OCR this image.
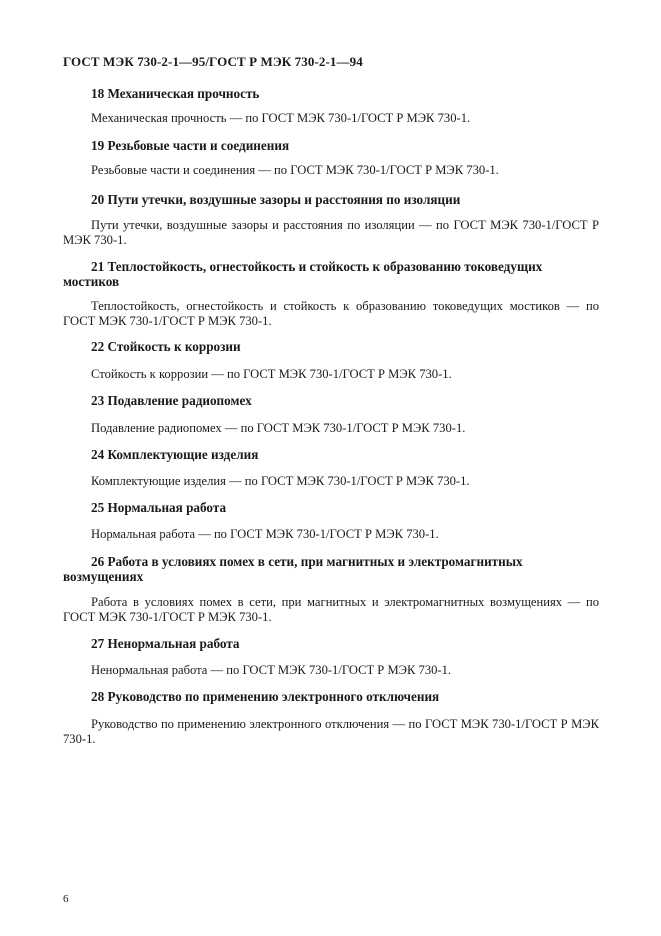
ГОСТ МЭК 730-2-1—95/ГОСТ Р МЭК 730-2-1—94
18 Механическая прочность
Механическая прочность — по ГОСТ МЭК 730-1/ГОСТ Р МЭК 730-1.
19 Резьбовые части и соединения
Резьбовые части и соединения — по ГОСТ МЭК 730-1/ГОСТ Р МЭК 730-1.
20 Пути утечки, воздушные зазоры и расстояния по изоляции
Пути утечки, воздушные зазоры и расстояния по изоляции — по ГОСТ МЭК 730-1/ГОСТ Р МЭК 730-1.
21 Теплостойкость, огнестойкость и стойкость к образованию токоведущих мостиков
Теплостойкость, огнестойкость и стойкость к образованию токоведущих мостиков — по ГОСТ МЭК 730-1/ГОСТ Р МЭК 730-1.
22 Стойкость к коррозии
Стойкость к коррозии — по ГОСТ МЭК 730-1/ГОСТ Р МЭК 730-1.
23 Подавление радиопомех
Подавление радиопомех — по ГОСТ МЭК 730-1/ГОСТ Р МЭК 730-1.
24 Комплектующие изделия
Комплектующие изделия — по ГОСТ МЭК 730-1/ГОСТ Р МЭК 730-1.
25 Нормальная работа
Нормальная работа — по ГОСТ МЭК 730-1/ГОСТ Р МЭК 730-1.
26 Работа в условиях помех в сети, при магнитных и электромагнитных возмущениях
Работа в условиях помех в сети, при магнитных и электромагнитных возмущениях — по ГОСТ МЭК 730-1/ГОСТ Р МЭК 730-1.
27 Ненормальная работа
Ненормальная работа — по ГОСТ МЭК 730-1/ГОСТ Р МЭК 730-1.
28 Руководство по применению электронного отключения
Руководство по применению электронного отключения — по ГОСТ МЭК 730-1/ГОСТ Р МЭК 730-1.
6
